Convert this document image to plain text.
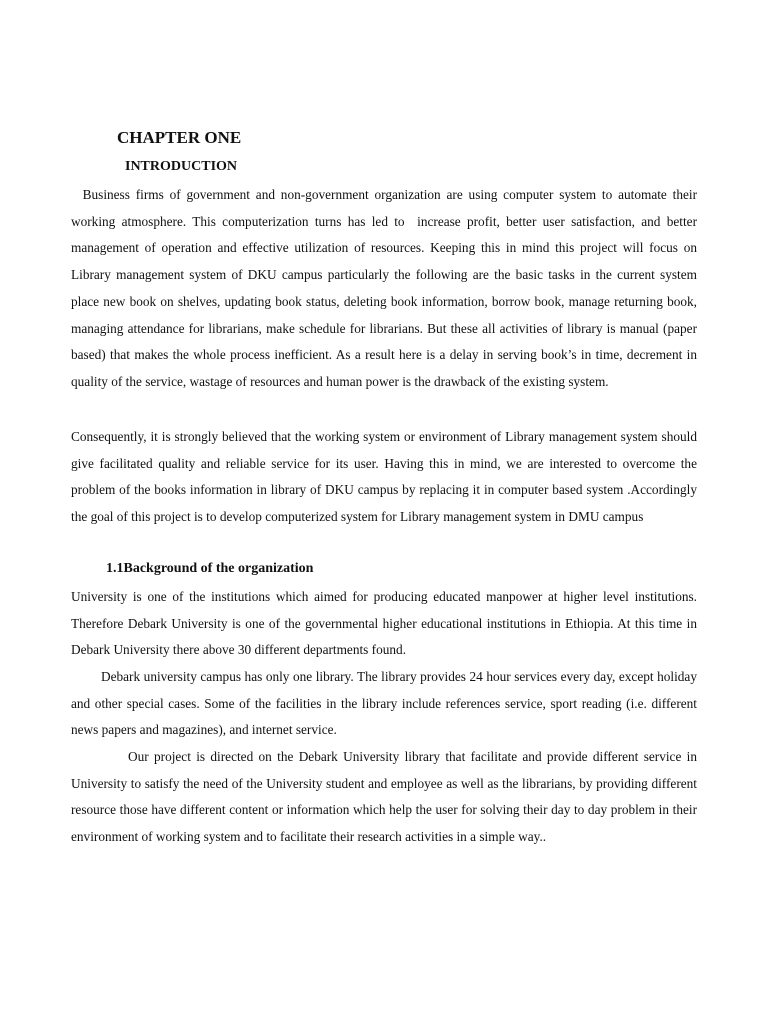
CHAPTER ONE
INTRODUCTION

Business firms of government and non-government organization are using computer system to automate their working atmosphere. This computerization turns has led to  increase profit, better user satisfaction, and better management of operation and effective utilization of resources. Keeping this in mind this project will focus on Library management system of DKU campus particularly the following are the basic tasks in the current system place new book on shelves, updating book status, deleting book information, borrow book, manage returning book, managing attendance for librarians, make schedule for librarians. But these all activities of library is manual (paper based) that makes the whole process inefficient. As a result here is a delay in serving book’s in time, decrement in quality of the service, wastage of resources and human power is the drawback of the existing system.

Consequently, it is strongly believed that the working system or environment of Library management system should give facilitated quality and reliable service for its user. Having this in mind, we are interested to overcome the problem of the books information in library of DKU campus by replacing it in computer based system .Accordingly the goal of this project is to develop computerized system for Library management system in DMU campus

1.1Background of the organization

University is one of the institutions which aimed for producing educated manpower at higher level institutions. Therefore Debark University is one of the governmental higher educational institutions in Ethiopia. At this time in Debark University there above 30 different departments found.

Debark university campus has only one library. The library provides 24 hour services every day, except holiday and other special cases. Some of the facilities in the library include references service, sport reading (i.e. different news papers and magazines), and internet service.

Our project is directed on the Debark University library that facilitate and provide different service in University to satisfy the need of the University student and employee as well as the librarians, by providing different resource those have different content or information which help the user for solving their day to day problem in their environment of working system and to facilitate their research activities in a simple way..
